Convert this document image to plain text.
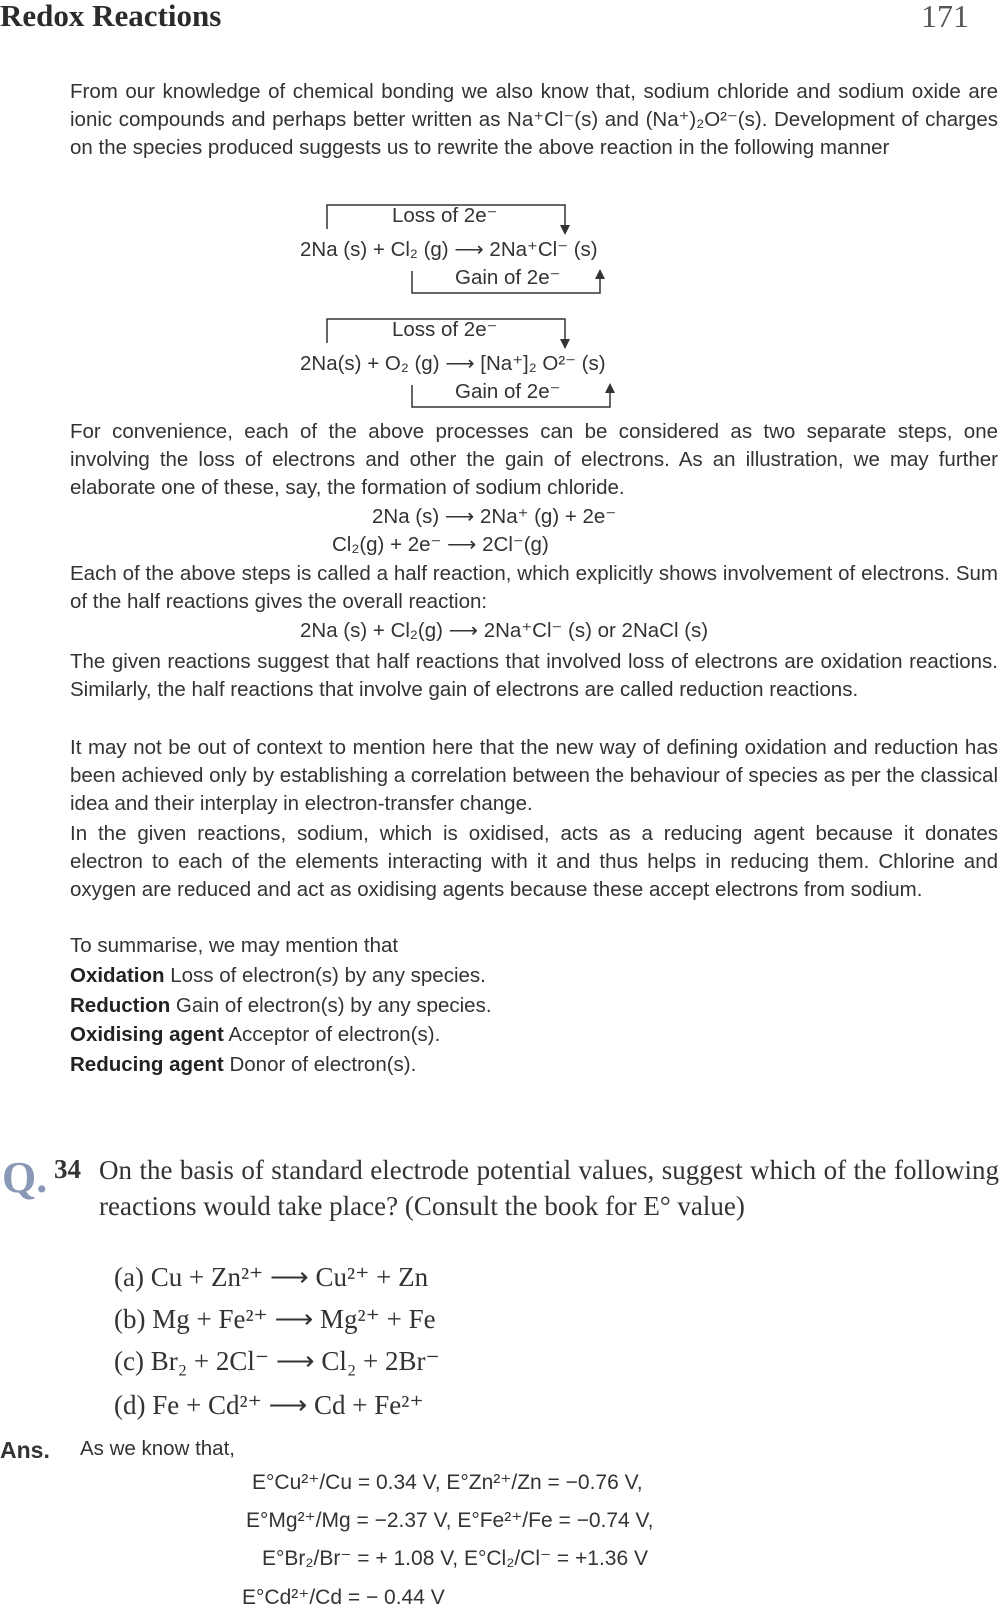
Redox Reactions	171
From our knowledge of chemical bonding we also know that, sodium chloride and sodium oxide are ionic compounds and perhaps better written as Na⁺Cl⁻(s) and (Na⁺)₂O²⁻(s). Development of charges on the species produced suggests us to rewrite the above reaction in the following manner
Loss of 2e⁻
2Na (s) + Cl₂ (g) ⟶ 2Na⁺Cl⁻ (s)
Gain of 2e⁻
Loss of 2e⁻
2Na(s) + O₂ (g) ⟶ [Na⁺]₂ O²⁻ (s)
Gain of 2e⁻
For convenience, each of the above processes can be considered as two separate steps, one involving the loss of electrons and other the gain of electrons. As an illustration, we may further elaborate one of these, say, the formation of sodium chloride.
2Na (s) ⟶ 2Na⁺ (g) + 2e⁻
Cl₂(g) + 2e⁻ ⟶ 2Cl⁻(g)
Each of the above steps is called a half reaction, which explicitly shows involvement of electrons. Sum of the half reactions gives the overall reaction:
2Na (s) + Cl₂(g) ⟶ 2Na⁺Cl⁻ (s) or 2NaCl (s)
The given reactions suggest that half reactions that involved loss of electrons are oxidation reactions. Similarly, the half reactions that involve gain of electrons are called reduction reactions.
It may not be out of context to mention here that the new way of defining oxidation and reduction has been achieved only by establishing a correlation between the behaviour of species as per the classical idea and their interplay in electron-transfer change.
In the given reactions, sodium, which is oxidised, acts as a reducing agent because it donates electron to each of the elements interacting with it and thus helps in reducing them. Chlorine and oxygen are reduced and act as oxidising agents because these accept electrons from sodium.
To summarise, we may mention that
Oxidation Loss of electron(s) by any species.
Reduction Gain of electron(s) by any species.
Oxidising agent Acceptor of electron(s).
Reducing agent Donor of electron(s).
Q. 34 On the basis of standard electrode potential values, suggest which of the following reactions would take place? (Consult the book for E° value)
(a) Cu + Zn²⁺ ⟶ Cu²⁺ + Zn
(b) Mg + Fe²⁺ ⟶ Mg²⁺ + Fe
(c) Br₂ + 2Cl⁻ ⟶ Cl₂ + 2Br⁻
(d) Fe + Cd²⁺ ⟶ Cd + Fe²⁺
Ans. As we know that,
E°Cu²⁺/Cu = 0.34 V, E°Zn²⁺/Zn = −0.76 V,
E°Mg²⁺/Mg = −2.37 V, E°Fe²⁺/Fe = −0.74 V,
E°Br₂/Br⁻ = + 1.08 V, E°Cl₂/Cl⁻ = +1.36 V
E°Cd²⁺/Cd = − 0.44 V
